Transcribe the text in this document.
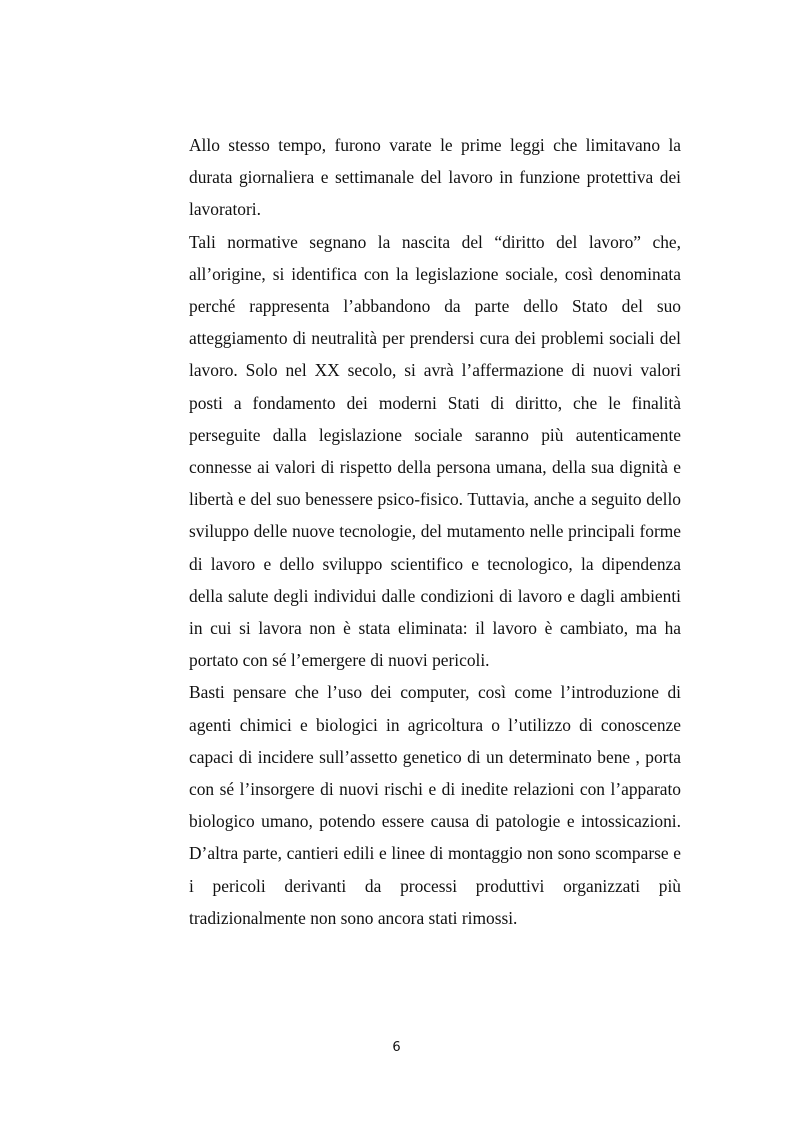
Allo stesso tempo, furono varate le prime leggi che limitavano la durata giornaliera e settimanale del lavoro in funzione protettiva dei lavoratori.

Tali normative segnano la nascita del “diritto del lavoro” che, all’origine, si identifica con la legislazione sociale, così denominata perché rappresenta l’abbandono da parte dello Stato del suo atteggiamento di neutralità per prendersi cura dei problemi sociali del lavoro. Solo nel XX secolo, si avrà l’affermazione di nuovi valori posti a fondamento dei moderni Stati di diritto, che le finalità perseguite dalla legislazione sociale saranno più autenticamente connesse ai valori di rispetto della persona umana, della sua dignità e libertà e del suo benessere psico-fisico. Tuttavia, anche a seguito dello sviluppo delle nuove tecnologie, del mutamento nelle principali forme di lavoro e dello sviluppo scientifico e tecnologico, la dipendenza della salute degli individui dalle condizioni di lavoro e dagli ambienti in cui si lavora non è stata eliminata: il lavoro è cambiato, ma ha portato con sé l’emergere di nuovi pericoli.

Basti pensare che l’uso dei computer, così come l’introduzione di agenti chimici e biologici in agricoltura o l’utilizzo di conoscenze capaci di incidere sull’assetto genetico di un determinato bene , porta con sé l’insorgere di nuovi rischi e di inedite relazioni con l’apparato biologico umano, potendo essere causa di patologie e intossicazioni. D’altra parte, cantieri edili e linee di montaggio non sono scomparse e i pericoli derivanti da processi produttivi organizzati più tradizionalmente non sono ancora stati rimossi.

6
